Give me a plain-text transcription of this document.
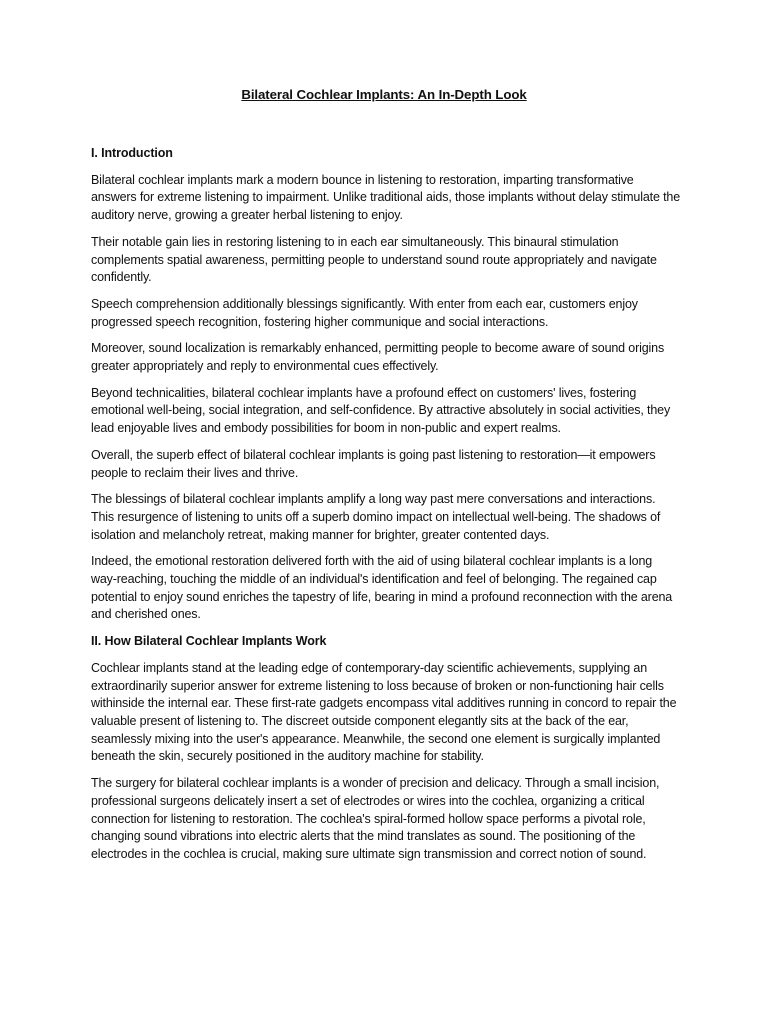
Bilateral Cochlear Implants: An In-Depth Look
I. Introduction

Bilateral cochlear implants mark a modern bounce in listening to restoration, imparting transformative answers for extreme listening to impairment. Unlike traditional aids, those implants without delay stimulate the auditory nerve, growing a greater herbal listening to enjoy.

Their notable gain lies in restoring listening to in each ear simultaneously. This binaural stimulation complements spatial awareness, permitting people to understand sound route appropriately and navigate confidently.

Speech comprehension additionally blessings significantly. With enter from each ear, customers enjoy progressed speech recognition, fostering higher communique and social interactions.

Moreover, sound localization is remarkably enhanced, permitting people to become aware of sound origins greater appropriately and reply to environmental cues effectively.

Beyond technicalities, bilateral cochlear implants have a profound effect on customers' lives, fostering emotional well-being, social integration, and self-confidence. By attractive absolutely in social activities, they lead enjoyable lives and embody possibilities for boom in non-public and expert realms.

Overall, the superb effect of bilateral cochlear implants is going past listening to restoration—it empowers people to reclaim their lives and thrive.

The blessings of bilateral cochlear implants amplify a long way past mere conversations and interactions. This resurgence of listening to units off a superb domino impact on intellectual well-being. The shadows of isolation and melancholy retreat, making manner for brighter, greater contented days.

Indeed, the emotional restoration delivered forth with the aid of using bilateral cochlear implants is a long way-reaching, touching the middle of an individual's identification and feel of belonging. The regained cap potential to enjoy sound enriches the tapestry of life, bearing in mind a profound reconnection with the arena and cherished ones.

II. How Bilateral Cochlear Implants Work

Cochlear implants stand at the leading edge of contemporary-day scientific achievements, supplying an extraordinarily superior answer for extreme listening to loss because of broken or non-functioning hair cells withinside the internal ear. These first-rate gadgets encompass vital additives running in concord to repair the valuable present of listening to. The discreet outside component elegantly sits at the back of the ear, seamlessly mixing into the user's appearance. Meanwhile, the second one element is surgically implanted beneath the skin, securely positioned in the auditory machine for stability.

The surgery for bilateral cochlear implants is a wonder of precision and delicacy. Through a small incision, professional surgeons delicately insert a set of electrodes or wires into the cochlea, organizing a critical connection for listening to restoration. The cochlea's spiral-formed hollow space performs a pivotal role, changing sound vibrations into electric alerts that the mind translates as sound. The positioning of the electrodes in the cochlea is crucial, making sure ultimate sign transmission and correct notion of sound.
